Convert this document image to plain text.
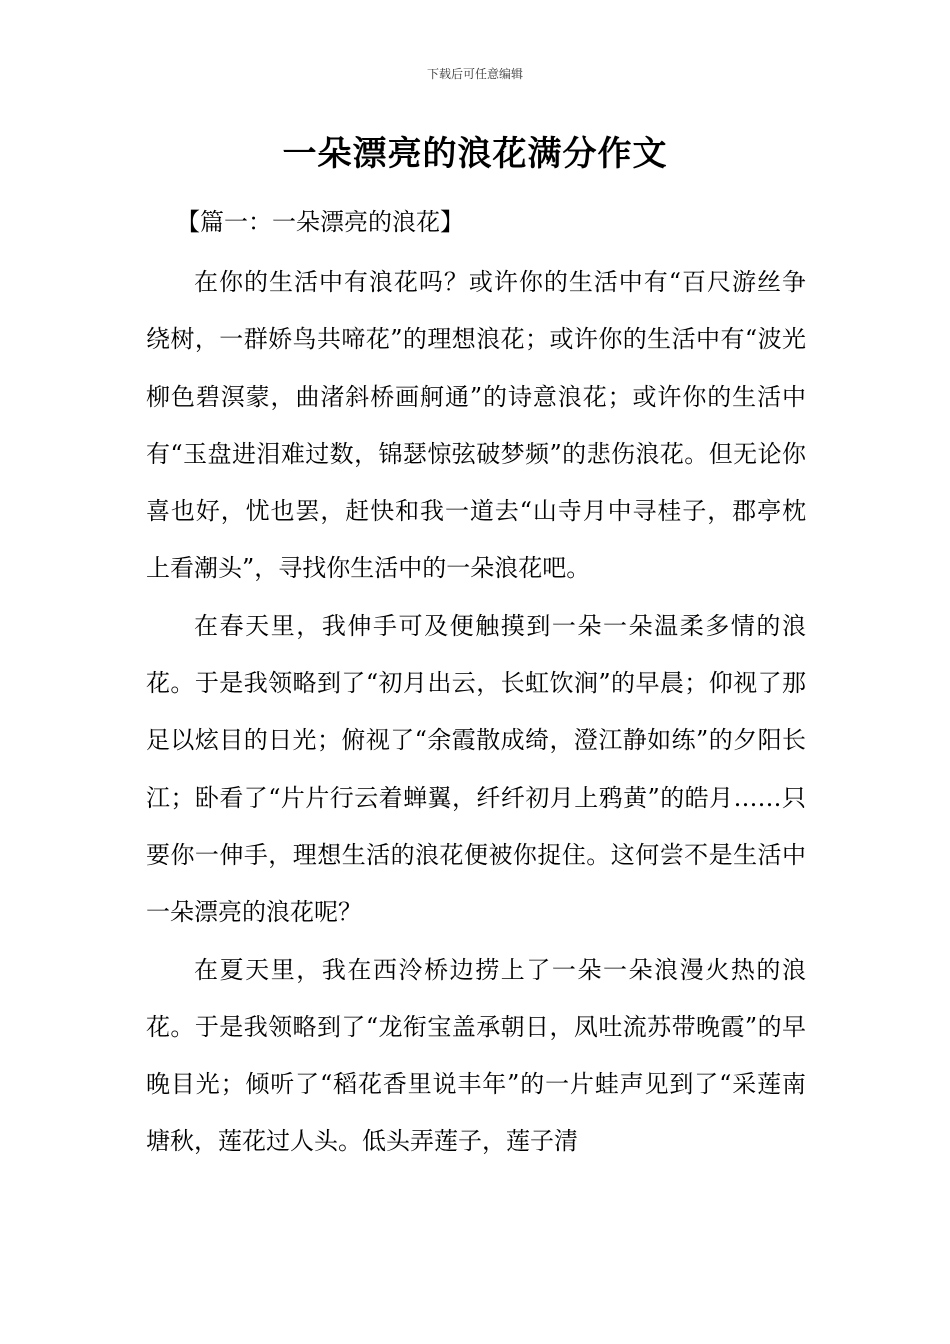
下载后可任意编辑
一朵漂亮的浪花满分作文
【篇一：一朵漂亮的浪花】

在你的生活中有浪花吗？或许你的生活中有“百尺游丝争绕树，一群娇鸟共啼花”的理想浪花；或许你的生活中有“波光柳色碧溟蒙，曲渚斜桥画舸通”的诗意浪花；或许你的生活中有“玉盘进泪难过数，锦瑟惊弦破梦频”的悲伤浪花。但无论你喜也好，忧也罢，赶快和我一道去“山寺月中寻桂子，郡亭枕上看潮头”，寻找你生活中的一朵浪花吧。

在春天里，我伸手可及便触摸到一朵一朵温柔多情的浪花。于是我领略到了“初月出云，长虹饮涧”的早晨；仰视了那足以炫目的日光；俯视了“余霞散成绮，澄江静如练”的夕阳长江；卧看了“片片行云着蝉翼，纤纤初月上鸦黄”的皓月……只要你一伸手，理想生活的浪花便被你捉住。这何尝不是生活中一朵漂亮的浪花呢？

在夏天里，我在西泠桥边捞上了一朵一朵浪漫火热的浪花。于是我领略到了“龙衔宝盖承朝日，凤吐流苏带晚霞”的早晚目光；倾听了“稻花香里说丰年”的一片蛙声见到了“采莲南塘秋，莲花过人头。低头弄莲子，莲子清
